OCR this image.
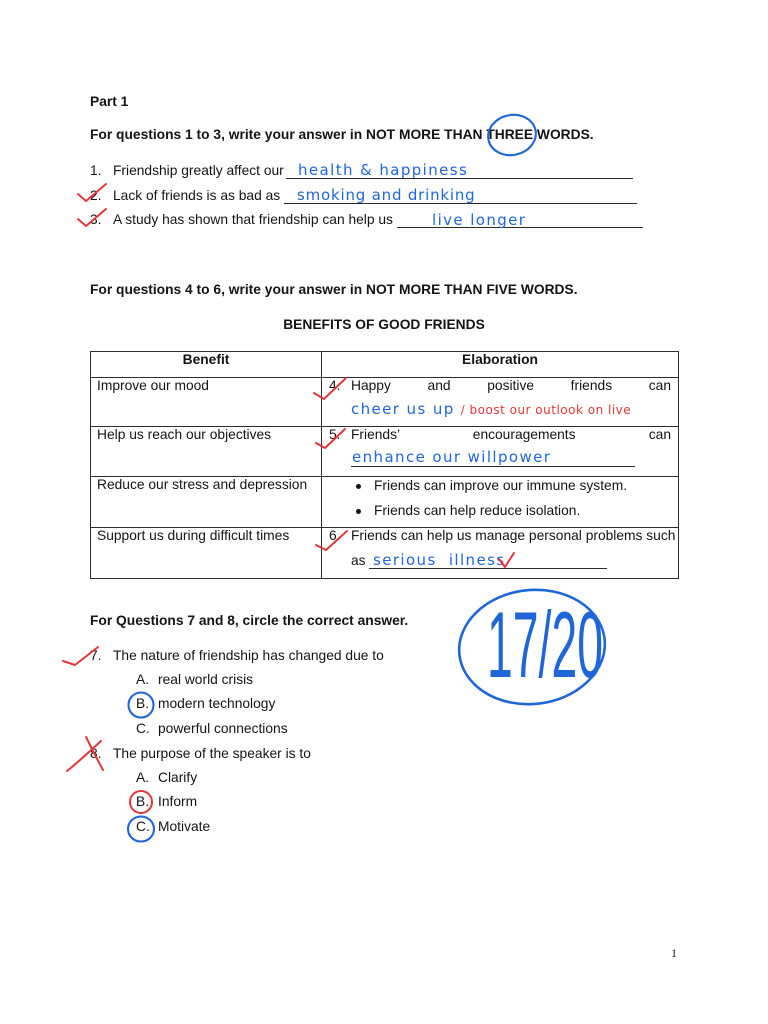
Part 1
For questions 1 to 3, write your answer in NOT MORE THAN THREE WORDS.
1. Friendship greatly affect our health & happiness
2. Lack of friends is as bad as smoking and drinking
3. A study has shown that friendship can help us	live longer
For questions 4 to 6, write your answer in NOT MORE THAN FIVE WORDS.
BENEFITS OF GOOD FRIENDS
Benefit	Elaboration
Improve our mood	4. Happy and positive friends can
cheer us up / boost our outlook on live
Help us reach our objectives	5. Friends’ encouragements can
enhance our willpower
Reduce our stress and depression	Friends can improve our immune system.
Friends can help reduce isolation.
Support us during difficult times	6. Friends can help us manage personal problems such
as serious illness
For Questions 7 and 8, circle the correct answer.
7. The nature of friendship has changed due to
A. real world crisis
B. modern technology
C. powerful connections
8. The purpose of the speaker is to
A. Clarify
B. Inform
C. Motivate
1
17/20
